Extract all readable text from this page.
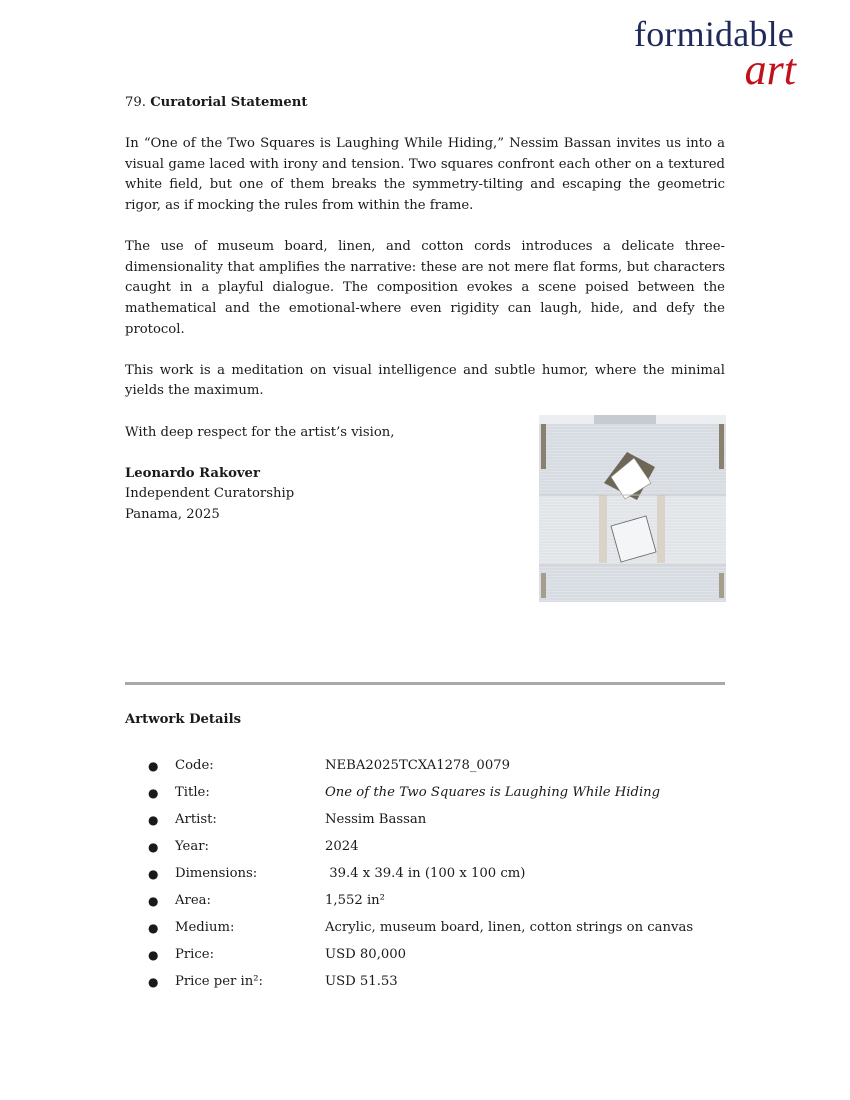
formidable
art

79. Curatorial Statement

In “One of the Two Squares is Laughing While Hiding,” Nessim Bassan invites us into a visual game laced with irony and tension. Two squares confront each other on a textured white field, but one of them breaks the symmetry-tilting and escaping the geometric rigor, as if mocking the rules from within the frame.

The use of museum board, linen, and cotton cords introduces a delicate three-dimensionality that amplifies the narrative: these are not mere flat forms, but characters caught in a playful dialogue. The composition evokes a scene poised between the mathematical and the emotional-where even rigidity can laugh, hide, and defy the protocol.

This work is a meditation on visual intelligence and subtle humor, where the minimal yields the maximum.

With deep respect for the artist’s vision,

Leonardo Rakover

Independent Curatorship

Panama, 2025

Artwork Details
●	Code:	NEBA2025TCXA1278_0079
●	Title:	One of the Two Squares is Laughing While Hiding
●	Artist:	Nessim Bassan
●	Year:	2024
●	Dimensions:	39.4 x 39.4 in (100 x 100 cm)
●	Area:	1,552 in²
●	Medium:	Acrylic, museum board, linen, cotton strings on canvas
●	Price:	USD 80,000
●	Price per in²:	USD 51.53
